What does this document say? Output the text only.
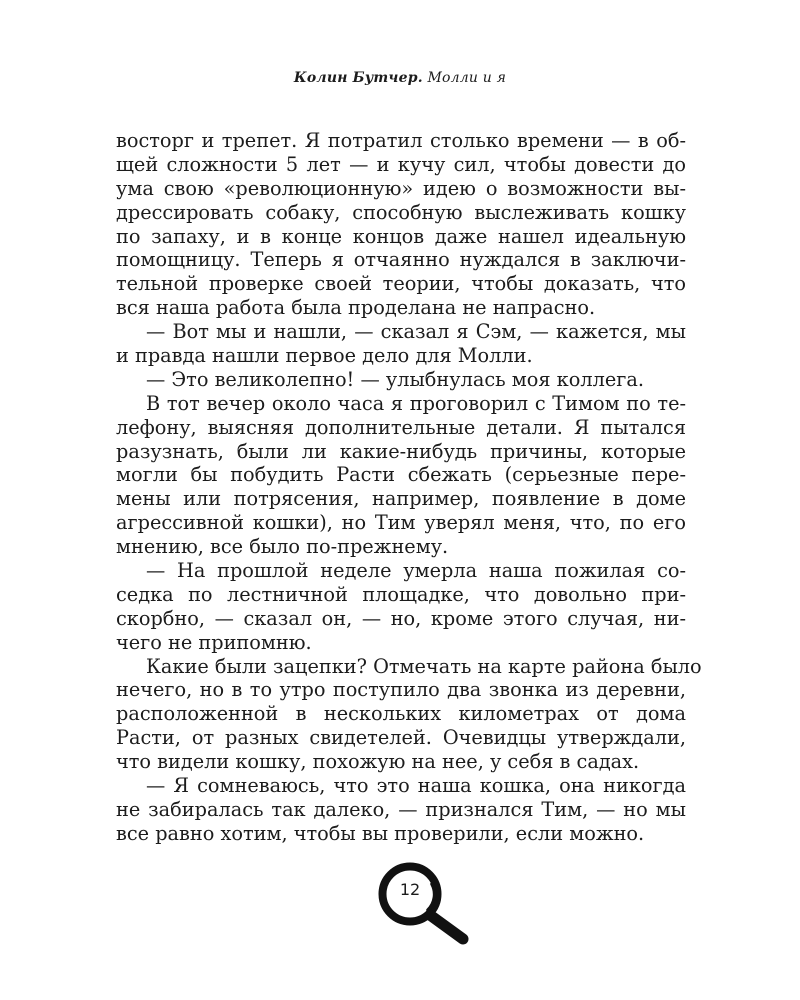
Колин Бутчер. Молли и я
восторг и трепет. Я потратил столько времени — в об-
щей сложности 5 лет — и кучу сил, чтобы довести до
ума свою «революционную» идею о возможности вы-
дрессировать собаку, способную выслеживать кошку
по запаху, и в конце концов даже нашел идеальную
помощницу. Теперь я отчаянно нуждался в заключи-
тельной проверке своей теории, чтобы доказать, что
вся наша работа была проделана не напрасно.
— Вот мы и нашли, — сказал я Сэм, — кажется, мы
и правда нашли первое дело для Молли.
— Это великолепно! — улыбнулась моя коллега.
В тот вечер около часа я проговорил с Тимом по те-
лефону, выясняя дополнительные детали. Я пытался
разузнать, были ли какие-нибудь причины, которые
могли бы побудить Расти сбежать (серьезные пере-
мены или потрясения, например, появление в доме
агрессивной кошки), но Тим уверял меня, что, по его
мнению, все было по-прежнему.
— На прошлой неделе умерла наша пожилая со-
седка по лестничной площадке, что довольно при-
скорбно, — сказал он, — но, кроме этого случая, ни-
чего не припомню.
Какие были зацепки? Отмечать на карте района было
нечего, но в то утро поступило два звонка из деревни,
расположенной в нескольких километрах от дома
Расти, от разных свидетелей. Очевидцы утверждали,
что видели кошку, похожую на нее, у себя в садах.
— Я сомневаюсь, что это наша кошка, она никогда
не забиралась так далеко, — признался Тим, — но мы
все равно хотим, чтобы вы проверили, если можно.
12
